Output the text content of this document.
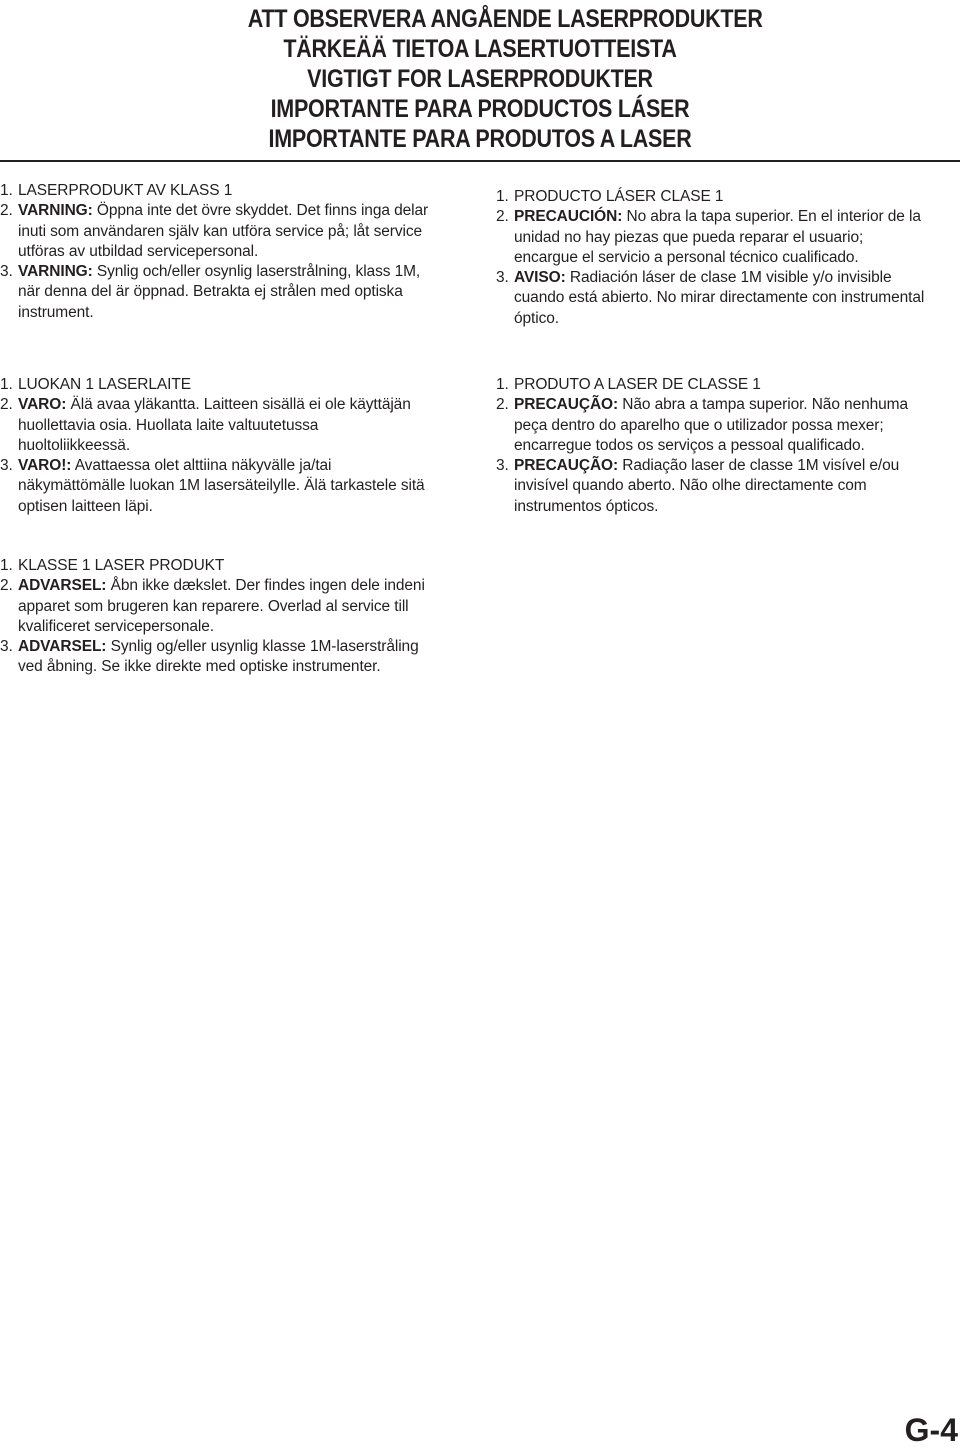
ATT OBSERVERA ANGÅENDE LASERPRODUKTER
TÄRKEÄÄ TIETOA LASERTUOTTEISTA
VIGTIGT FOR LASERPRODUKTER
IMPORTANTE PARA PRODUCTOS LÁSER
IMPORTANTE PARA PRODUTOS A LASER
1. LASERPRODUKT AV KLASS 1
2. VARNING: Öppna inte det övre skyddet. Det finns inga delar
inuti som användaren själv kan utföra service på; låt service
utföras av utbildad servicepersonal.
3. VARNING: Synlig och/eller osynlig laserstrålning, klass 1M,
när denna del är öppnad. Betrakta ej strålen med optiska
instrument.
1. PRODUCTO LÁSER CLASE 1
2. PRECAUCIÓN: No abra la tapa superior. En el interior de la
unidad no hay piezas que pueda reparar el usuario;
encargue el servicio a personal técnico cualificado.
3. AVISO: Radiación láser de clase 1M visible y/o invisible
cuando está abierto. No mirar directamente con instrumental
óptico.
1. LUOKAN 1 LASERLAITE
2. VARO: Älä avaa yläkantta. Laitteen sisällä ei ole käyttäjän
huollettavia osia. Huollata laite valtuutetussa
huoltoliikkeessä.
3. VARO!: Avattaessa olet alttiina näkyvälle ja/tai
näkymättömälle luokan 1M lasersäteilylle. Älä tarkastele sitä
optisen laitteen läpi.
1. PRODUTO A LASER DE CLASSE 1
2. PRECAUÇÃO: Não abra a tampa superior. Não nenhuma
peça dentro do aparelho que o utilizador possa mexer;
encarregue todos os serviços a pessoal qualificado.
3. PRECAUÇÃO: Radiação laser de classe 1M visível e/ou
invisível quando aberto. Não olhe directamente com
instrumentos ópticos.
1. KLASSE 1 LASER PRODUKT
2. ADVARSEL: Åbn ikke dækslet. Der findes ingen dele indeni
apparet som brugeren kan reparere. Overlad al service till
kvalificeret servicepersonale.
3. ADVARSEL: Synlig og/eller usynlig klasse 1M-laserstråling
ved åbning. Se ikke direkte med optiske instrumenter.
G-4
